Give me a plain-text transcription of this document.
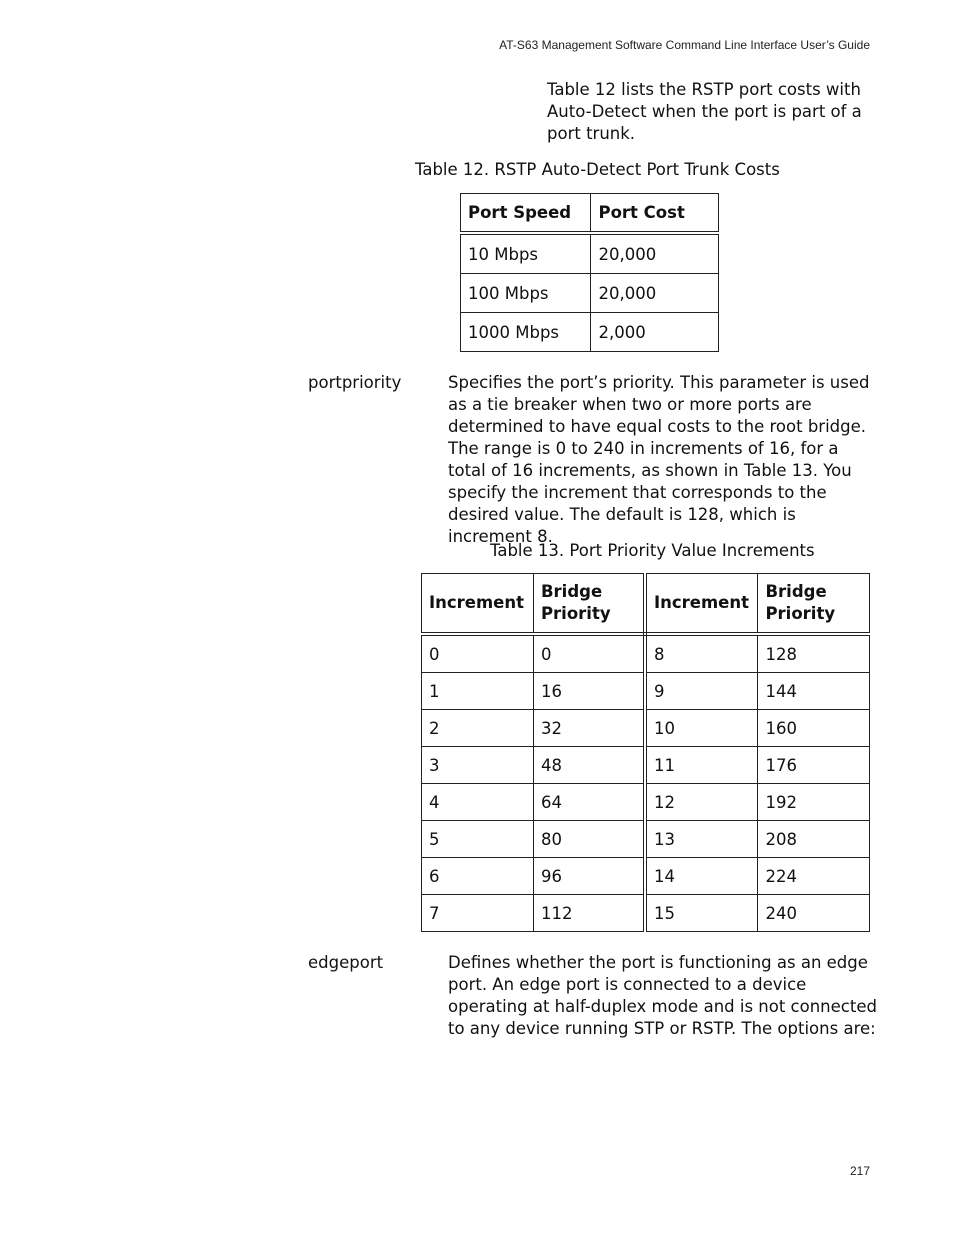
AT-S63 Management Software Command Line Interface User’s Guide
Table 12 lists the RSTP port costs with Auto-Detect when the port is part of a port trunk.
Table 12. RSTP Auto-Detect Port Trunk Costs
Port Speed	Port Cost
10 Mbps	20,000
100 Mbps	20,000
1000 Mbps	2,000
portpriority	Specifies the port’s priority. This parameter is used as a tie breaker when two or more ports are determined to have equal costs to the root bridge. The range is 0 to 240 in increments of 16, for a total of 16 increments, as shown in Table 13. You specify the increment that corresponds to the desired value. The default is 128, which is increment 8.
Table 13. Port Priority Value Increments
Increment	Bridge Priority	Increment	Bridge Priority
0	0	8	128
1	16	9	144
2	32	10	160
3	48	11	176
4	64	12	192
5	80	13	208
6	96	14	224
7	112	15	240
edgeport	Defines whether the port is functioning as an edge port. An edge port is connected to a device operating at half-duplex mode and is not connected to any device running STP or RSTP. The options are:
217
